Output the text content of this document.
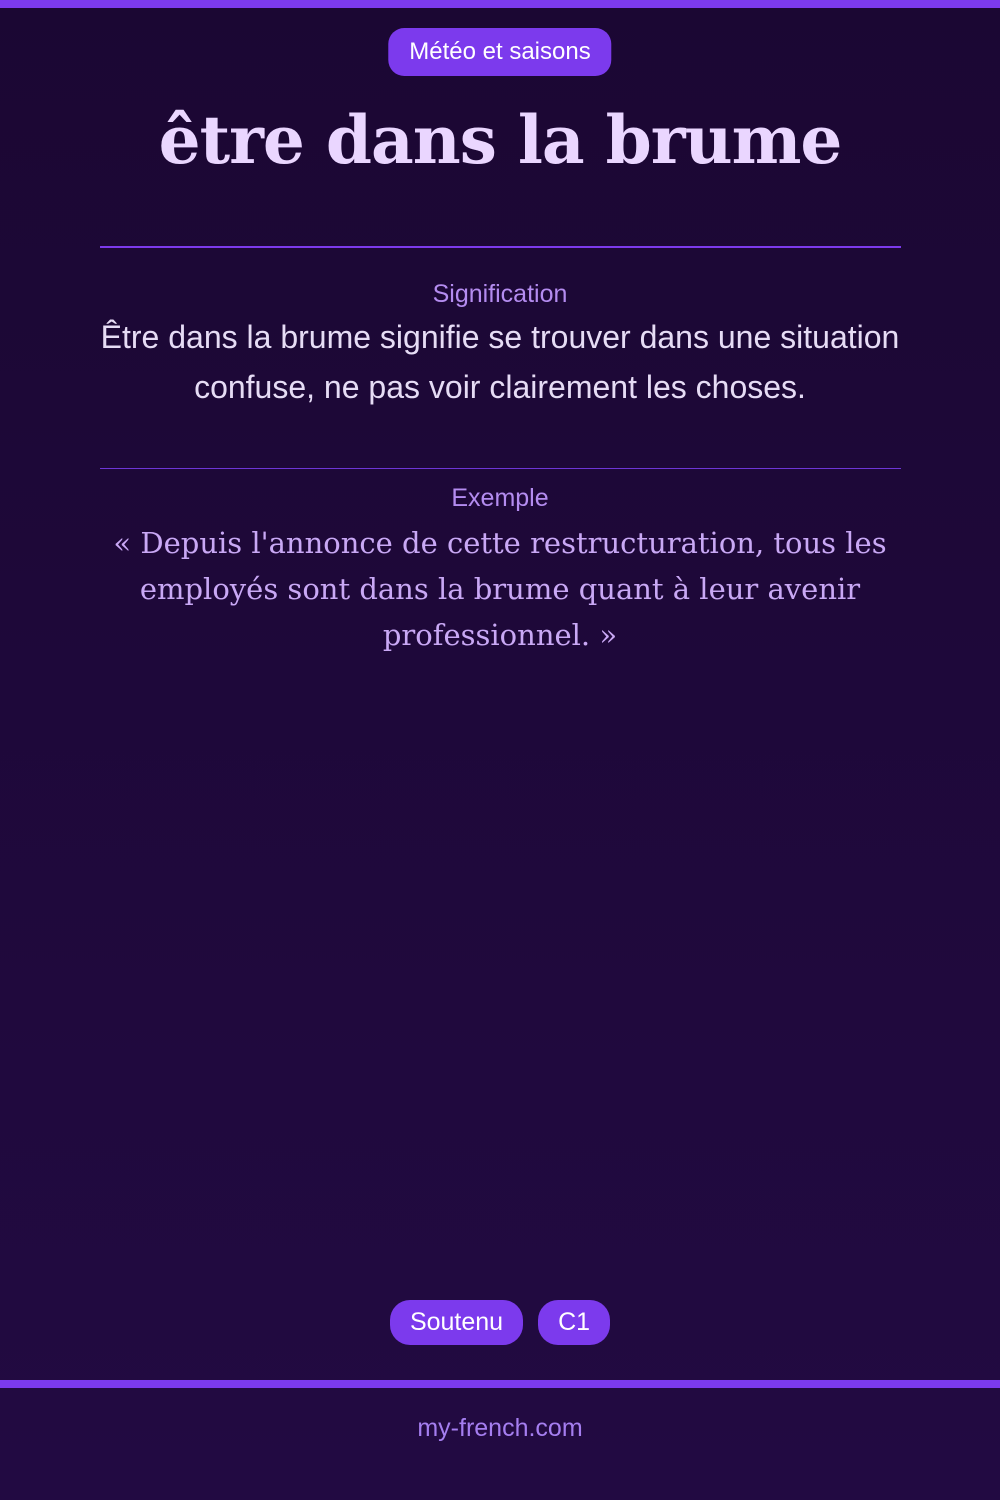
Météo et saisons
être dans la brume
Signification

Être dans la brume signifie se trouver dans une situation confuse, ne pas voir clairement les choses.

Exemple

« Depuis l'annonce de cette restructuration, tous les employés sont dans la brume quant à leur avenir professionnel. »

Soutenu	C1
my-french.com
